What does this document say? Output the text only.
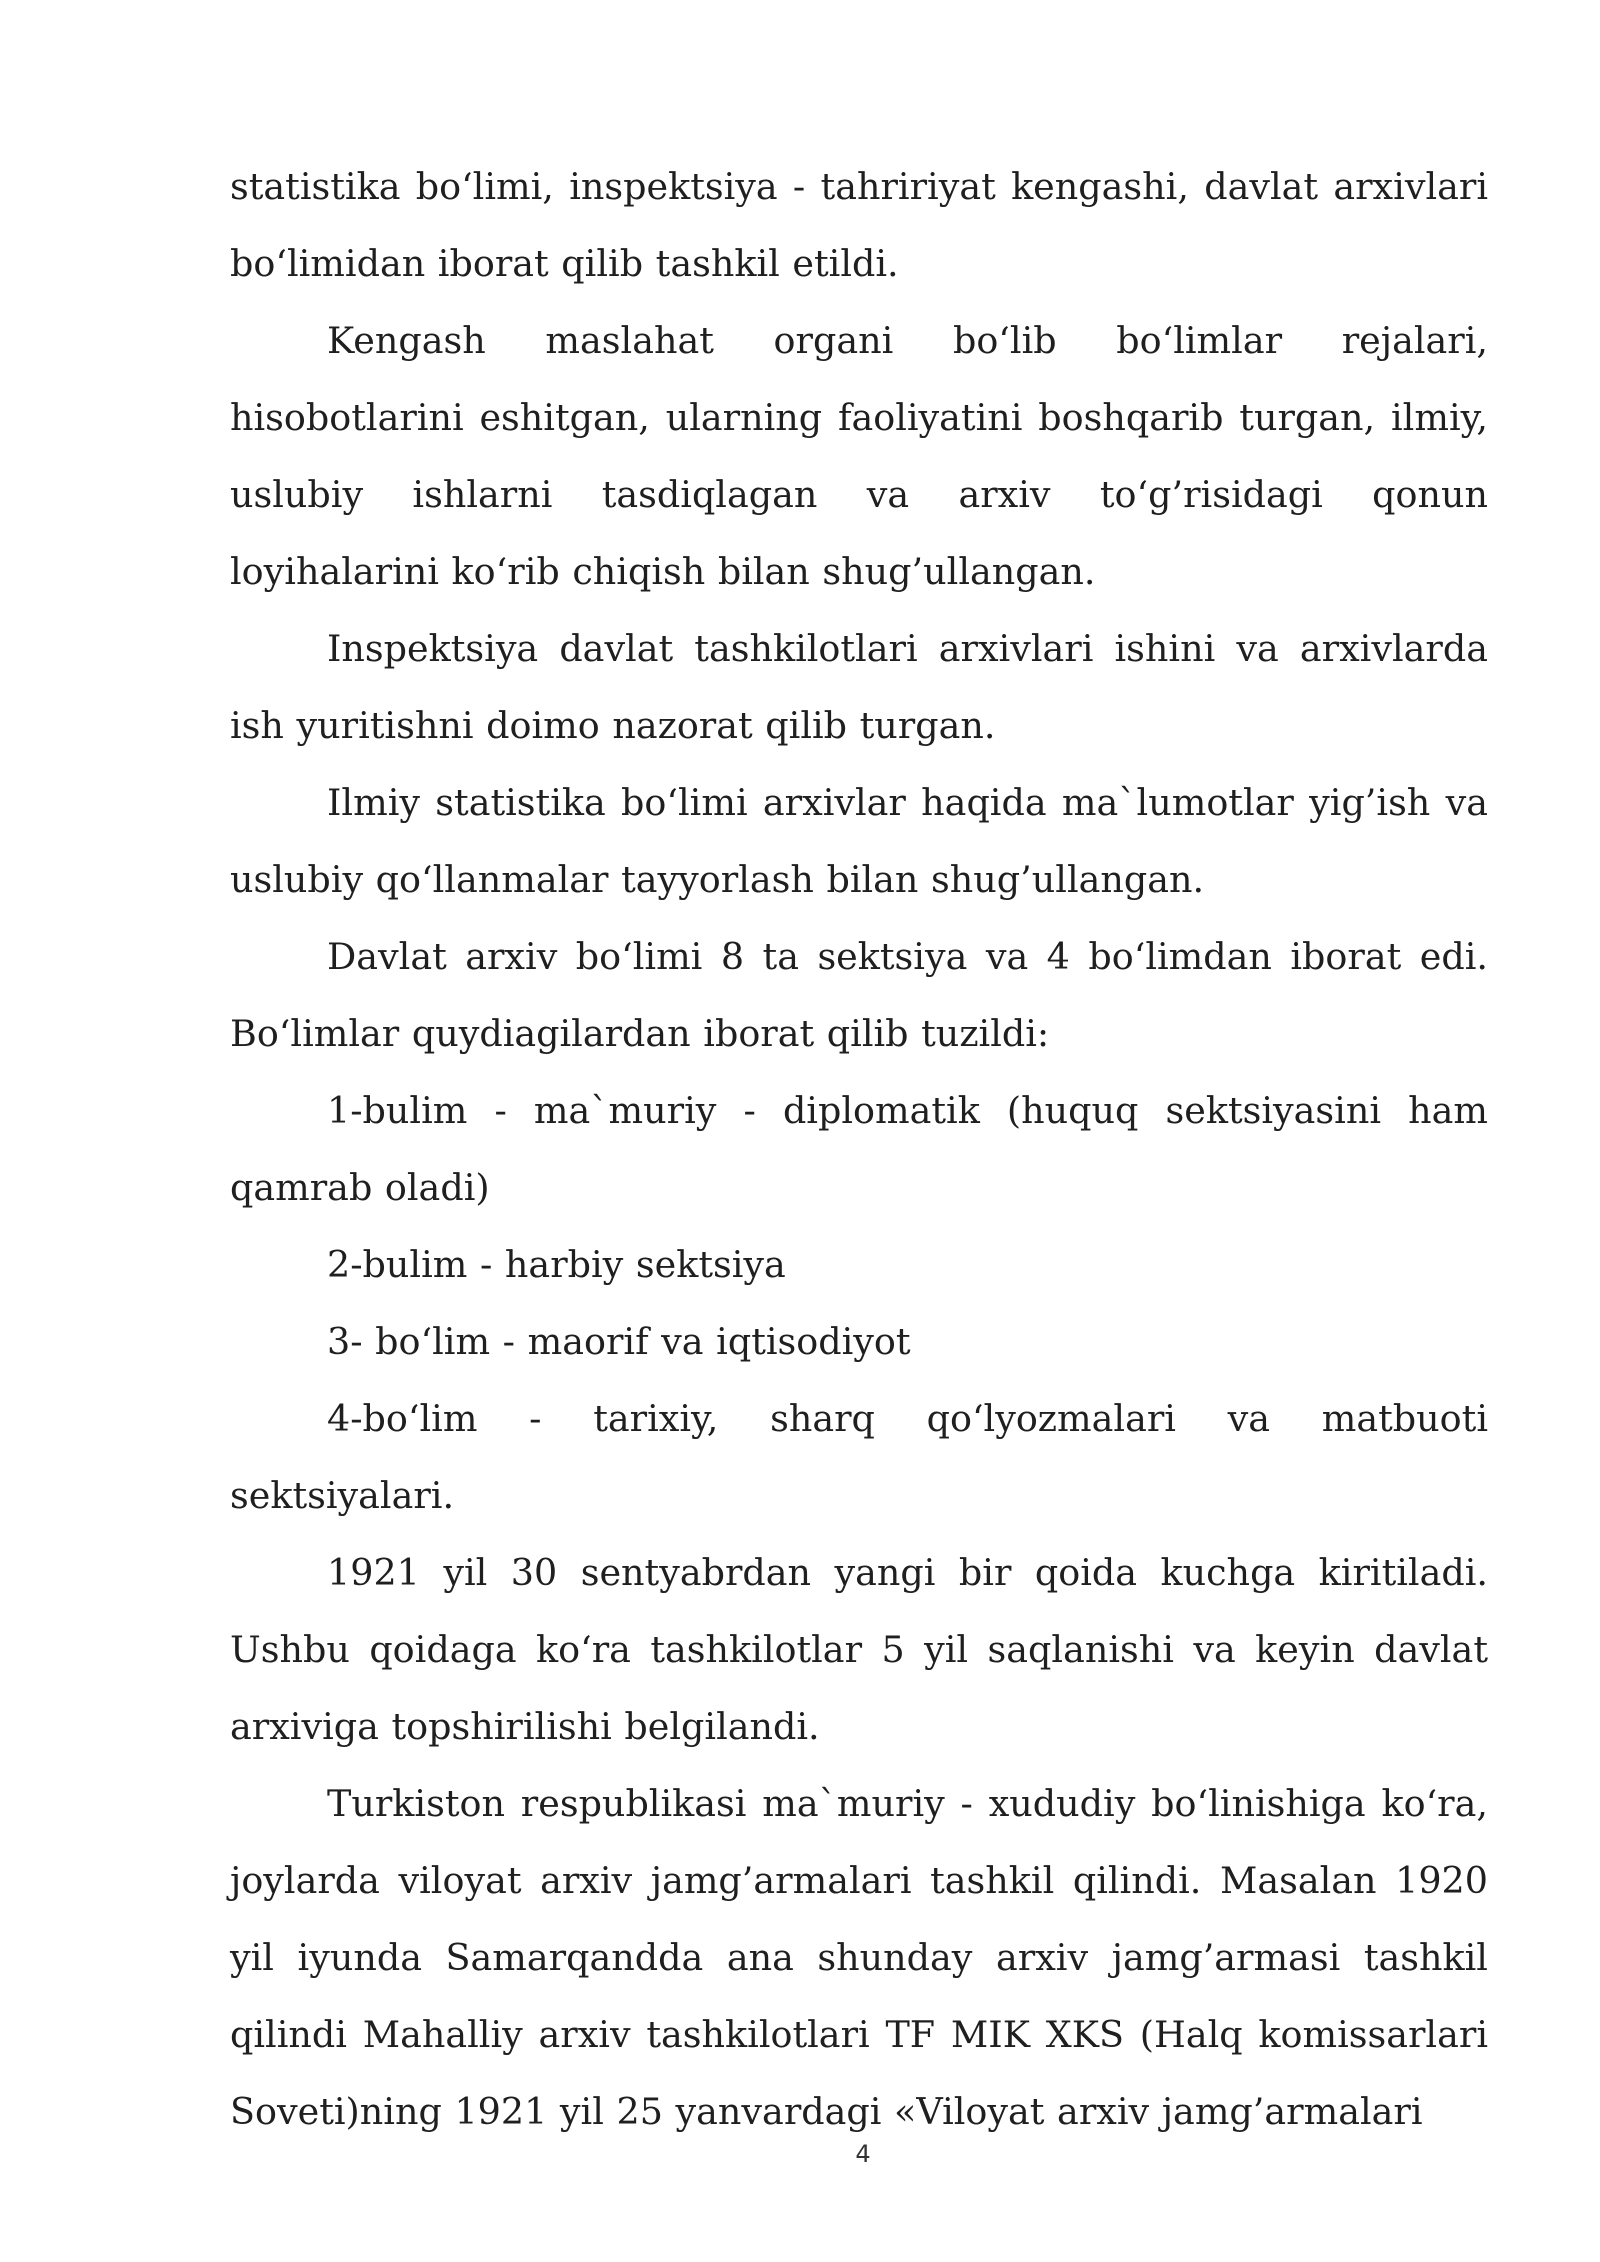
statistika bo‘limi, inspektsiya - tahririyat kengashi, davlat arxivlari bo‘limidan iborat qilib tashkil etildi.

Kengash maslahat organi bo‘lib bo‘limlar rejalari, hisobotlarini eshitgan, ularning faoliyatini boshqarib turgan, ilmiy, uslubiy ishlarni tasdiqlagan va arxiv to‘g’risidagi qonun loyihalarini ko‘rib chiqish bilan shug’ullangan.

Inspektsiya davlat tashkilotlari arxivlari ishini va arxivlarda ish yuritishni doimo nazorat qilib turgan.

Ilmiy statistika bo‘limi arxivlar haqida ma`lumotlar yig’ish va uslubiy qo‘llanmalar tayyorlash bilan shug’ullangan.

Davlat arxiv bo‘limi 8 ta sektsiya va 4 bo‘limdan iborat edi. Bo‘limlar quydiagilardan iborat qilib tuzildi:

1-bulim - ma`muriy - diplomatik (huquq sektsiyasini ham qamrab oladi)

2-bulim - harbiy sektsiya

3- bo‘lim - maorif va iqtisodiyot

4-bo‘lim - tarixiy, sharq qo‘lyozmalari va matbuoti sektsiyalari.

1921 yil 30 sentyabrdan yangi bir qoida kuchga kiritiladi. Ushbu qoidaga ko‘ra tashkilotlar 5 yil saqlanishi va keyin davlat arxiviga topshirilishi belgilandi.

Turkiston respublikasi ma`muriy - xududiy bo‘linishiga ko‘ra, joylarda viloyat arxiv jamg’armalari tashkil qilindi. Masalan 1920 yil iyunda Samarqandda ana shunday arxiv jamg’armasi tashkil qilindi Mahalliy arxiv tashkilotlari TF MIK XKS (Halq komissarlari Soveti)ning 1921 yil 25 yanvardagi «Viloyat arxiv jamg’armalari

4
